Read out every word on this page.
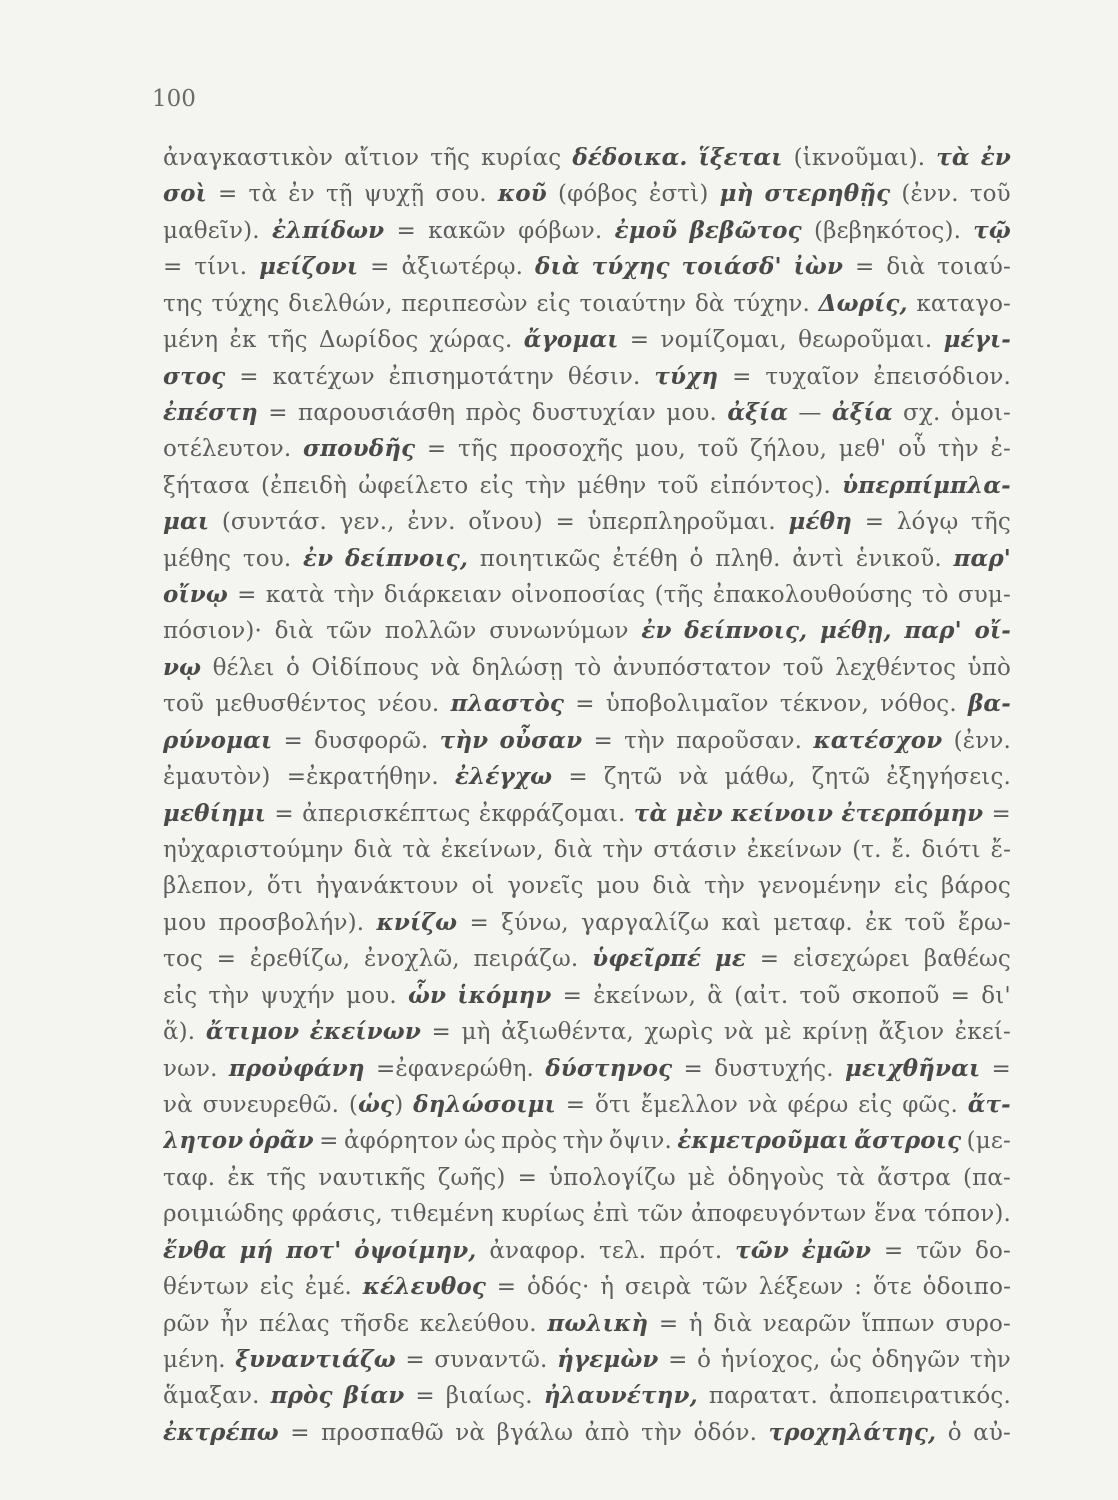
100
ἀναγκαστικὸν αἴτιον τῆς κυρίας δέδοικα. ἵξεται (ἱκνοῦμαι). τὰ ἐν
σοὶ = τὰ ἐν τῇ ψυχῇ σου. κοῦ (φόβος ἐστὶ) μὴ στερηθῇς (ἐνν. τοῦ
μαθεῖν). ἐλπίδων = κακῶν φόβων. ἐμοῦ βεβῶτος (βεβηκότος). τῷ
= τίνι. μείζονι = ἀξιωτέρῳ. διὰ τύχης τοιάσδ' ἰὼν = διὰ τοιαύ-
της τύχης διελθών, περιπεσὼν εἰς τοιαύτην δὰ τύχην. Δωρίς, καταγο-
μένη ἐκ τῆς Δωρίδος χώρας. ἄγομαι = νομίζομαι, θεωροῦμαι. μέγι-
στος = κατέχων ἐπισημοτάτην θέσιν. τύχη = τυχαῖον ἐπεισόδιον.
ἐπέστη = παρουσιάσθη πρὸς δυστυχίαν μου. ἀξία — ἀξία σχ. ὁμοι-
οτέλευτον. σπουδῆς = τῆς προσοχῆς μου, τοῦ ζήλου, μεθ' οὗ τὴν ἐ-
ξήτασα (ἐπειδὴ ὠφείλετο εἰς τὴν μέθην τοῦ εἰπόντος). ὑπερπίμπλα-
μαι (συντάσ. γεν., ἐνν. οἴνου) = ὑπερπληροῦμαι. μέθη = λόγῳ τῆς
μέθης του. ἐν δείπνοις, ποιητικῶς ἐτέθη ὁ πληθ. ἀντὶ ἑνικοῦ. παρ'
οἴνῳ = κατὰ τὴν διάρκειαν οἰνοποσίας (τῆς ἐπακολουθούσης τὸ συμ-
πόσιον)· διὰ τῶν πολλῶν συνωνύμων ἐν δείπνοις, μέθῃ, παρ' οἴ-
νῳ θέλει ὁ Οἰδίπους νὰ δηλώσῃ τὸ ἀνυπόστατον τοῦ λεχθέντος ὑπὸ
τοῦ μεθυσθέντος νέου. πλαστὸς = ὑποβολιμαῖον τέκνον, νόθος. βα-
ρύνομαι = δυσφορῶ. τὴν οὖσαν = τὴν παροῦσαν. κατέσχον (ἐνν.
ἐμαυτὸν) =ἐκρατήθην. ἐλέγχω = ζητῶ νὰ μάθω, ζητῶ ἐξηγήσεις.
μεθίημι = ἀπερισκέπτως ἐκφράζομαι. τὰ μὲν κείνοιν ἐτερπόμην =
ηὐχαριστούμην διὰ τὰ ἐκείνων, διὰ τὴν στάσιν ἐκείνων (τ. ἔ. διότι ἔ-
βλεπον, ὅτι ἠγανάκτουν οἱ γονεῖς μου διὰ τὴν γενομένην εἰς βάρος
μου προσβολήν). κνίζω = ξύνω, γαργαλίζω καὶ μεταφ. ἐκ τοῦ ἔρω-
τος = ἐρεθίζω, ἐνοχλῶ, πειράζω. ὑφεῖρπέ με = εἰσεχώρει βαθέως
εἰς τὴν ψυχήν μου. ὧν ἱκόμην = ἐκείνων, ἃ (αἰτ. τοῦ σκοποῦ = δι'
ἅ). ἄτιμον ἐκείνων = μὴ ἀξιωθέντα, χωρὶς νὰ μὲ κρίνῃ ἄξιον ἐκεί-
νων. προὐφάνη =ἐφανερώθη. δύστηνος = δυστυχής. μειχθῆναι =
νὰ συνευρεθῶ. (ὡς) δηλώσοιμι = ὅτι ἔμελλον νὰ φέρω εἰς φῶς. ἄτ-
λητον ὁρᾶν = ἀφόρητον ὡς πρὸς τὴν ὄψιν. ἐκμετροῦμαι ἄστροις (με-
ταφ. ἐκ τῆς ναυτικῆς ζωῆς) = ὑπολογίζω μὲ ὁδηγοὺς τὰ ἄστρα (πα-
ροιμιώδης φράσις, τιθεμένη κυρίως ἐπὶ τῶν ἀποφευγόντων ἕνα τόπον).
ἔνθα μή ποτ' ὀψοίμην, ἀναφορ. τελ. πρότ. τῶν ἐμῶν = τῶν δο-
θέντων εἰς ἐμέ. κέλευθος = ὁδός· ἡ σειρὰ τῶν λέξεων : ὅτε ὁδοιπο-
ρῶν ἦν πέλας τῆσδε κελεύθου. πωλικὴ = ἡ διὰ νεαρῶν ἵππων συρο-
μένη. ξυναντιάζω = συναντῶ. ἡγεμὼν = ὁ ἡνίοχος, ὡς ὁδηγῶν τὴν
ἅμαξαν. πρὸς βίαν = βιαίως. ἠλαυνέτην, παρατατ. ἀποπειρατικός.
ἐκτρέπω = προσπαθῶ νὰ βγάλω ἀπὸ τὴν ὁδόν. τροχηλάτης, ὁ αὐ-
